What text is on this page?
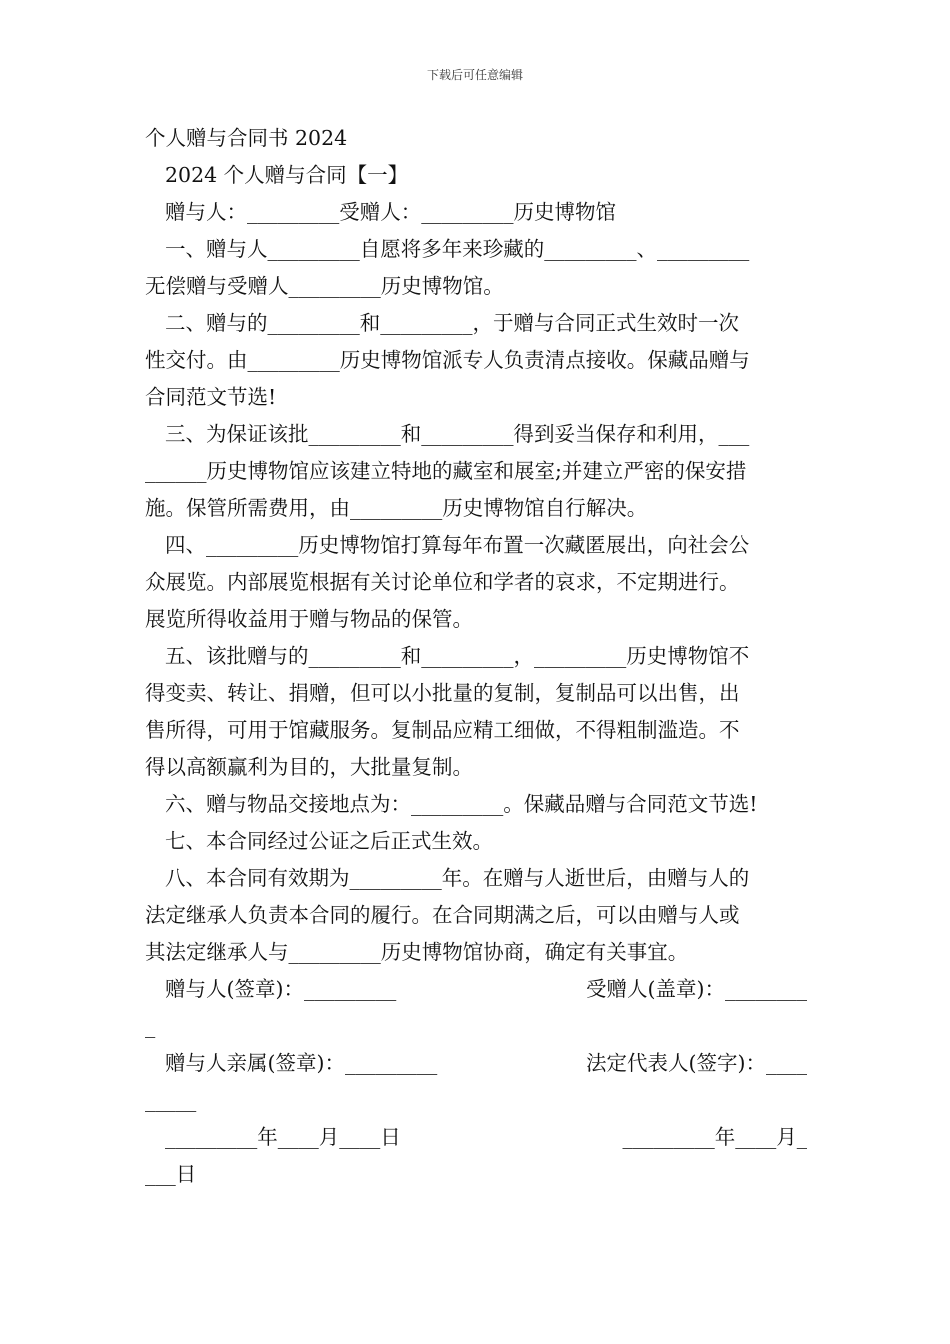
下载后可任意编辑
个人赠与合同书 2024
2024 个人赠与合同【一】
赠与人：_________受赠人：_________历史博物馆
一、赠与人_________自愿将多年来珍藏的_________、_________
无偿赠与受赠人_________历史博物馆。
二、赠与的_________和_________，于赠与合同正式生效时一次
性交付。由_________历史博物馆派专人负责清点接收。保藏品赠与
合同范文节选!
三、为保证该批_________和_________得到妥当保存和利用，___
______历史博物馆应该建立特地的藏室和展室;并建立严密的保安措
施。保管所需费用，由_________历史博物馆自行解决。
四、_________历史博物馆打算每年布置一次藏匿展出，向社会公
众展览。内部展览根据有关讨论单位和学者的哀求，不定期进行。
展览所得收益用于赠与物品的保管。
五、该批赠与的_________和_________，_________历史博物馆不
得变卖、转让、捐赠，但可以小批量的复制，复制品可以出售，出
售所得，可用于馆藏服务。复制品应精工细做，不得粗制滥造。不
得以高额赢利为目的，大批量复制。
六、赠与物品交接地点为：_________。保藏品赠与合同范文节选!
七、本合同经过公证之后正式生效。
八、本合同有效期为_________年。在赠与人逝世后，由赠与人的
法定继承人负责本合同的履行。在合同期满之后，可以由赠与人或
其法定继承人与_________历史博物馆协商，确定有关事宜。
赠与人(签章)：_________	受赠人(盖章)：________
_
赠与人亲属(签章)：_________	法定代表人(签字)：____
_____
_________年____月____日	_________年____月_
___日
